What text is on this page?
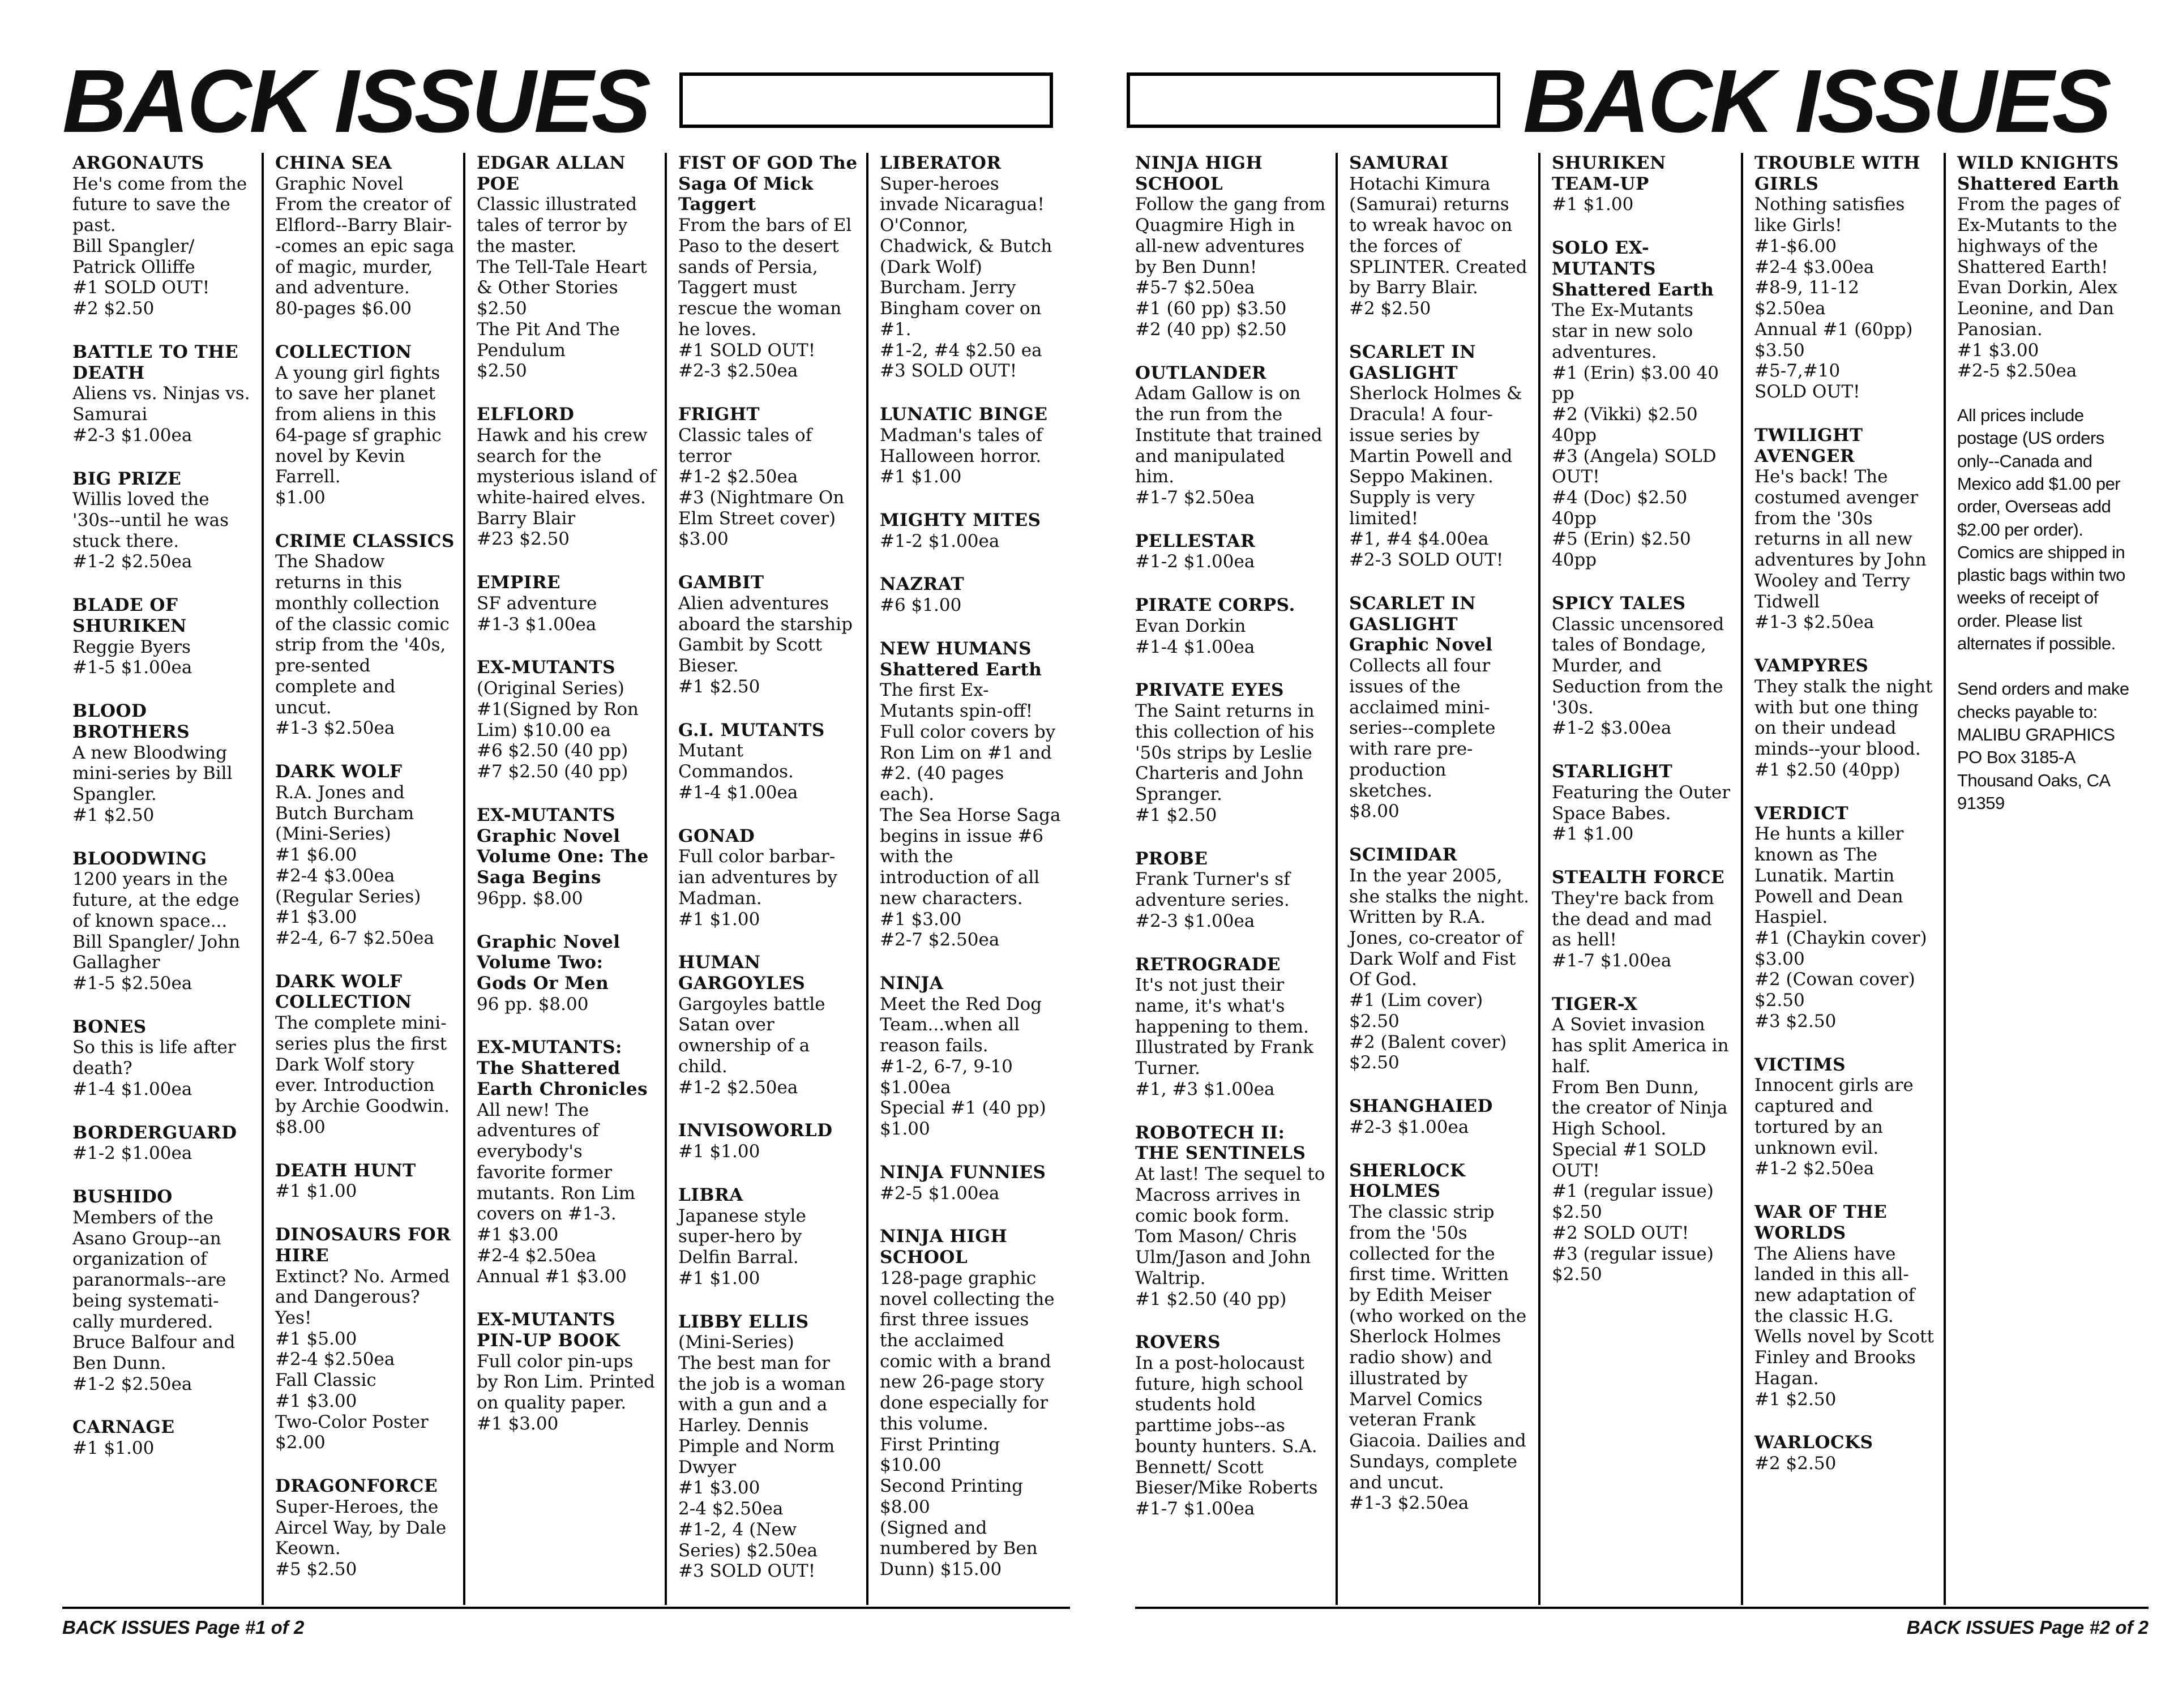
BACK ISSUES
ARGONAUTS
He's come from the future to save the past.
Bill Spangler/ Patrick Olliffe
#1 SOLD OUT!
#2 $2.50
BATTLE TO THE DEATH
Aliens vs. Ninjas vs. Samurai
#2-3 $1.00ea
BIG PRIZE
Willis loved the '30s--until he was stuck there.
#1-2 $2.50ea
BLADE OF SHURIKEN
Reggie Byers
#1-5 $1.00ea
BLOOD BROTHERS
A new Bloodwing mini-series by Bill Spangler.
#1 $2.50
BLOODWING
1200 years in the future, at the edge of known space...
Bill Spangler/ John Gallagher
#1-5 $2.50ea
BONES
So this is life after death?
#1-4 $1.00ea
BORDERGUARD
#1-2 $1.00ea
BUSHIDO
Members of the Asano Group--an organization of paranormals--are being systemati-cally murdered. Bruce Balfour and Ben Dunn.
#1-2 $2.50ea
CARNAGE
#1 $1.00
CHINA SEA
Graphic Novel
From the creator of Elflord--Barry Blair--comes an epic saga of magic, murder, and adventure.
80-pages $6.00
COLLECTION
A young girl fights to save her planet from aliens in this 64-page sf graphic novel by Kevin Farrell.
$1.00
CRIME CLASSICS
The Shadow returns in this monthly collection of the classic comic strip from the '40s, pre-sented complete and uncut.
#1-3 $2.50ea
DARK WOLF
R.A. Jones and Butch Burcham (Mini-Series)
#1 $6.00
#2-4 $3.00ea
(Regular Series)
#1 $3.00
#2-4, 6-7 $2.50ea
DARK WOLF COLLECTION
The complete mini-series plus the first Dark Wolf story ever. Introduction by Archie Goodwin.
$8.00
DEATH HUNT
#1 $1.00
DINOSAURS FOR HIRE
Extinct? No. Armed and Dangerous? Yes!
#1 $5.00
#2-4 $2.50ea
Fall Classic
#1 $3.00
Two-Color Poster
$2.00
DRAGONFORCE
Super-Heroes, the Aircel Way, by Dale Keown.
#5 $2.50
EDGAR ALLAN POE
Classic illustrated tales of terror by the master.
The Tell-Tale Heart & Other Stories $2.50
The Pit And The Pendulum
$2.50
ELFLORD
Hawk and his crew search for the mysterious island of white-haired elves.
Barry Blair
#23 $2.50
EMPIRE
SF adventure
#1-3 $1.00ea
EX-MUTANTS
(Original Series)
#1(Signed by Ron Lim) $10.00 ea
#6 $2.50 (40 pp)
#7 $2.50 (40 pp)
EX-MUTANTS Graphic Novel Volume One: The Saga Begins
96pp. $8.00
Graphic Novel Volume Two: Gods Or Men
96 pp. $8.00
EX-MUTANTS: The Shattered Earth Chronicles
All new! The adventures of everybody's favorite former mutants. Ron Lim covers on #1-3.
#1 $3.00
#2-4 $2.50ea
Annual #1 $3.00
EX-MUTANTS PIN-UP BOOK
Full color pin-ups by Ron Lim. Printed on quality paper.
#1 $3.00
FIST OF GOD The Saga Of Mick Taggert
From the bars of El Paso to the desert sands of Persia, Taggert must rescue the woman he loves.
#1 SOLD OUT!
#2-3 $2.50ea
FRIGHT
Classic tales of terror
#1-2 $2.50ea
#3 (Nightmare On Elm Street cover)
$3.00
GAMBIT
Alien adventures aboard the starship Gambit by Scott Bieser.
#1 $2.50
G.I. MUTANTS
Mutant Commandos.
#1-4 $1.00ea
GONAD
Full color barbar-ian adventures by Madman.
#1 $1.00
HUMAN GARGOYLES
Gargoyles battle Satan over ownership of a child.
#1-2 $2.50ea
INVISOWORLD
#1 $1.00
LIBRA
Japanese style super-hero by Delfin Barral.
#1 $1.00
LIBBY ELLIS
(Mini-Series)
The best man for the job is a woman with a gun and a Harley. Dennis Pimple and Norm Dwyer
#1 $3.00
2-4 $2.50ea
#1-2, 4 (New Series) $2.50ea
#3 SOLD OUT!
LIBERATOR
Super-heroes invade Nicaragua! O'Connor, Chadwick, & Butch (Dark Wolf) Burcham. Jerry Bingham cover on #1.
#1-2, #4 $2.50 ea
#3 SOLD OUT!
LUNATIC BINGE
Madman's tales of Halloween horror.
#1 $1.00
MIGHTY MITES
#1-2 $1.00ea
NAZRAT
#6 $1.00
NEW HUMANS Shattered Earth
The first Ex-Mutants spin-off! Full color covers by Ron Lim on #1 and #2. (40 pages each).
The Sea Horse Saga begins in issue #6 with the introduction of all new characters.
#1 $3.00
#2-7 $2.50ea
NINJA
Meet the Red Dog Team...when all reason fails.
#1-2, 6-7, 9-10 $1.00ea
Special #1 (40 pp) $1.00
NINJA FUNNIES
#2-5 $1.00ea
NINJA HIGH SCHOOL
128-page graphic novel collecting the first three issues the acclaimed comic with a brand new 26-page story done especially for this volume.
First Printing
$10.00
Second Printing
$8.00
(Signed and numbered by Ben Dunn) $15.00
BACK ISSUES Page #1 of 2
BACK ISSUES
NINJA HIGH SCHOOL
Follow the gang from Quagmire High in all-new adventures by Ben Dunn!
#5-7 $2.50ea
#1 (60 pp) $3.50
#2 (40 pp) $2.50
OUTLANDER
Adam Gallow is on the run from the Institute that trained and manipulated him.
#1-7 $2.50ea
PELLESTAR
#1-2 $1.00ea
PIRATE CORPS.
Evan Dorkin
#1-4 $1.00ea
PRIVATE EYES
The Saint returns in this collection of his '50s strips by Leslie Charteris and John Spranger.
#1 $2.50
PROBE
Frank Turner's sf adventure series.
#2-3 $1.00ea
RETROGRADE
It's not just their name, it's what's happening to them. Illustrated by Frank Turner.
#1, #3 $1.00ea
ROBOTECH II: THE SENTINELS
At last! The sequel to Macross arrives in comic book form. Tom Mason/ Chris Ulm/Jason and John Waltrip.
#1 $2.50 (40 pp)
ROVERS
In a post-holocaust future, high school students hold parttime jobs--as bounty hunters. S.A. Bennett/ Scott Bieser/Mike Roberts
#1-7 $1.00ea
SAMURAI
Hotachi Kimura (Samurai) returns to wreak havoc on the forces of SPLINTER. Created by Barry Blair.
#2 $2.50
SCARLET IN GASLIGHT
Sherlock Holmes & Dracula! A four-issue series by Martin Powell and Seppo Makinen. Supply is very limited!
#1, #4 $4.00ea
#2-3 SOLD OUT!
SCARLET IN GASLIGHT Graphic Novel
Collects all four issues of the acclaimed mini-series--complete with rare pre-production sketches.
$8.00
SCIMIDAR
In the year 2005, she stalks the night. Written by R.A. Jones, co-creator of Dark Wolf and Fist Of God.
#1 (Lim cover)
$2.50
#2 (Balent cover)
$2.50
SHANGHAIED
#2-3 $1.00ea
SHERLOCK HOLMES
The classic strip from the '50s collected for the first time. Written by Edith Meiser (who worked on the Sherlock Holmes radio show) and illustrated by Marvel Comics veteran Frank Giacoia. Dailies and Sundays, complete and uncut.
#1-3 $2.50ea
SHURIKEN TEAM-UP
#1 $1.00
SOLO EX-MUTANTS Shattered Earth
The Ex-Mutants star in new solo adventures.
#1 (Erin) $3.00 40 pp
#2 (Vikki) $2.50 40pp
#3 (Angela) SOLD OUT!
#4 (Doc) $2.50 40pp
#5 (Erin) $2.50 40pp
SPICY TALES
Classic uncensored tales of Bondage, Murder, and Seduction from the '30s.
#1-2 $3.00ea
STARLIGHT
Featuring the Outer Space Babes.
#1 $1.00
STEALTH FORCE
They're back from the dead and mad as hell!
#1-7 $1.00ea
TIGER-X
A Soviet invasion has split America in half.
From Ben Dunn, the creator of Ninja High School.
Special #1 SOLD OUT!
#1 (regular issue)
$2.50
#2 SOLD OUT!
#3 (regular issue)
$2.50
TROUBLE WITH GIRLS
Nothing satisfies like Girls!
#1-$6.00
#2-4 $3.00ea
#8-9, 11-12
$2.50ea
Annual #1 (60pp)
$3.50
#5-7,#10
SOLD OUT!
TWILIGHT AVENGER
He's back! The costumed avenger from the '30s returns in all new adventures by John Wooley and Terry Tidwell
#1-3 $2.50ea
VAMPYRES
They stalk the night with but one thing on their undead minds--your blood.
#1 $2.50 (40pp)
VERDICT
He hunts a killer known as The Lunatik. Martin Powell and Dean Haspiel.
#1 (Chaykin cover)
$3.00
#2 (Cowan cover)
$2.50
#3 $2.50
VICTIMS
Innocent girls are captured and tortured by an unknown evil.
#1-2 $2.50ea
WAR OF THE WORLDS
The Aliens have landed in this all-new adaptation of the classic H.G. Wells novel by Scott Finley and Brooks Hagan.
#1 $2.50
WARLOCKS
#2 $2.50
WILD KNIGHTS Shattered Earth
From the pages of Ex-Mutants to the highways of the Shattered Earth! Evan Dorkin, Alex Leonine, and Dan Panosian.
#1 $3.00
#2-5 $2.50ea

All prices include postage (US orders only--Canada and Mexico add $1.00 per order, Overseas add $2.00 per order). Comics are shipped in plastic bags within two weeks of receipt of order. Please list alternates if possible.

Send orders and make checks payable to:
MALIBU GRAPHICS
PO Box 3185-A
Thousand Oaks, CA 91359

BACK ISSUES Page #2 of 2
